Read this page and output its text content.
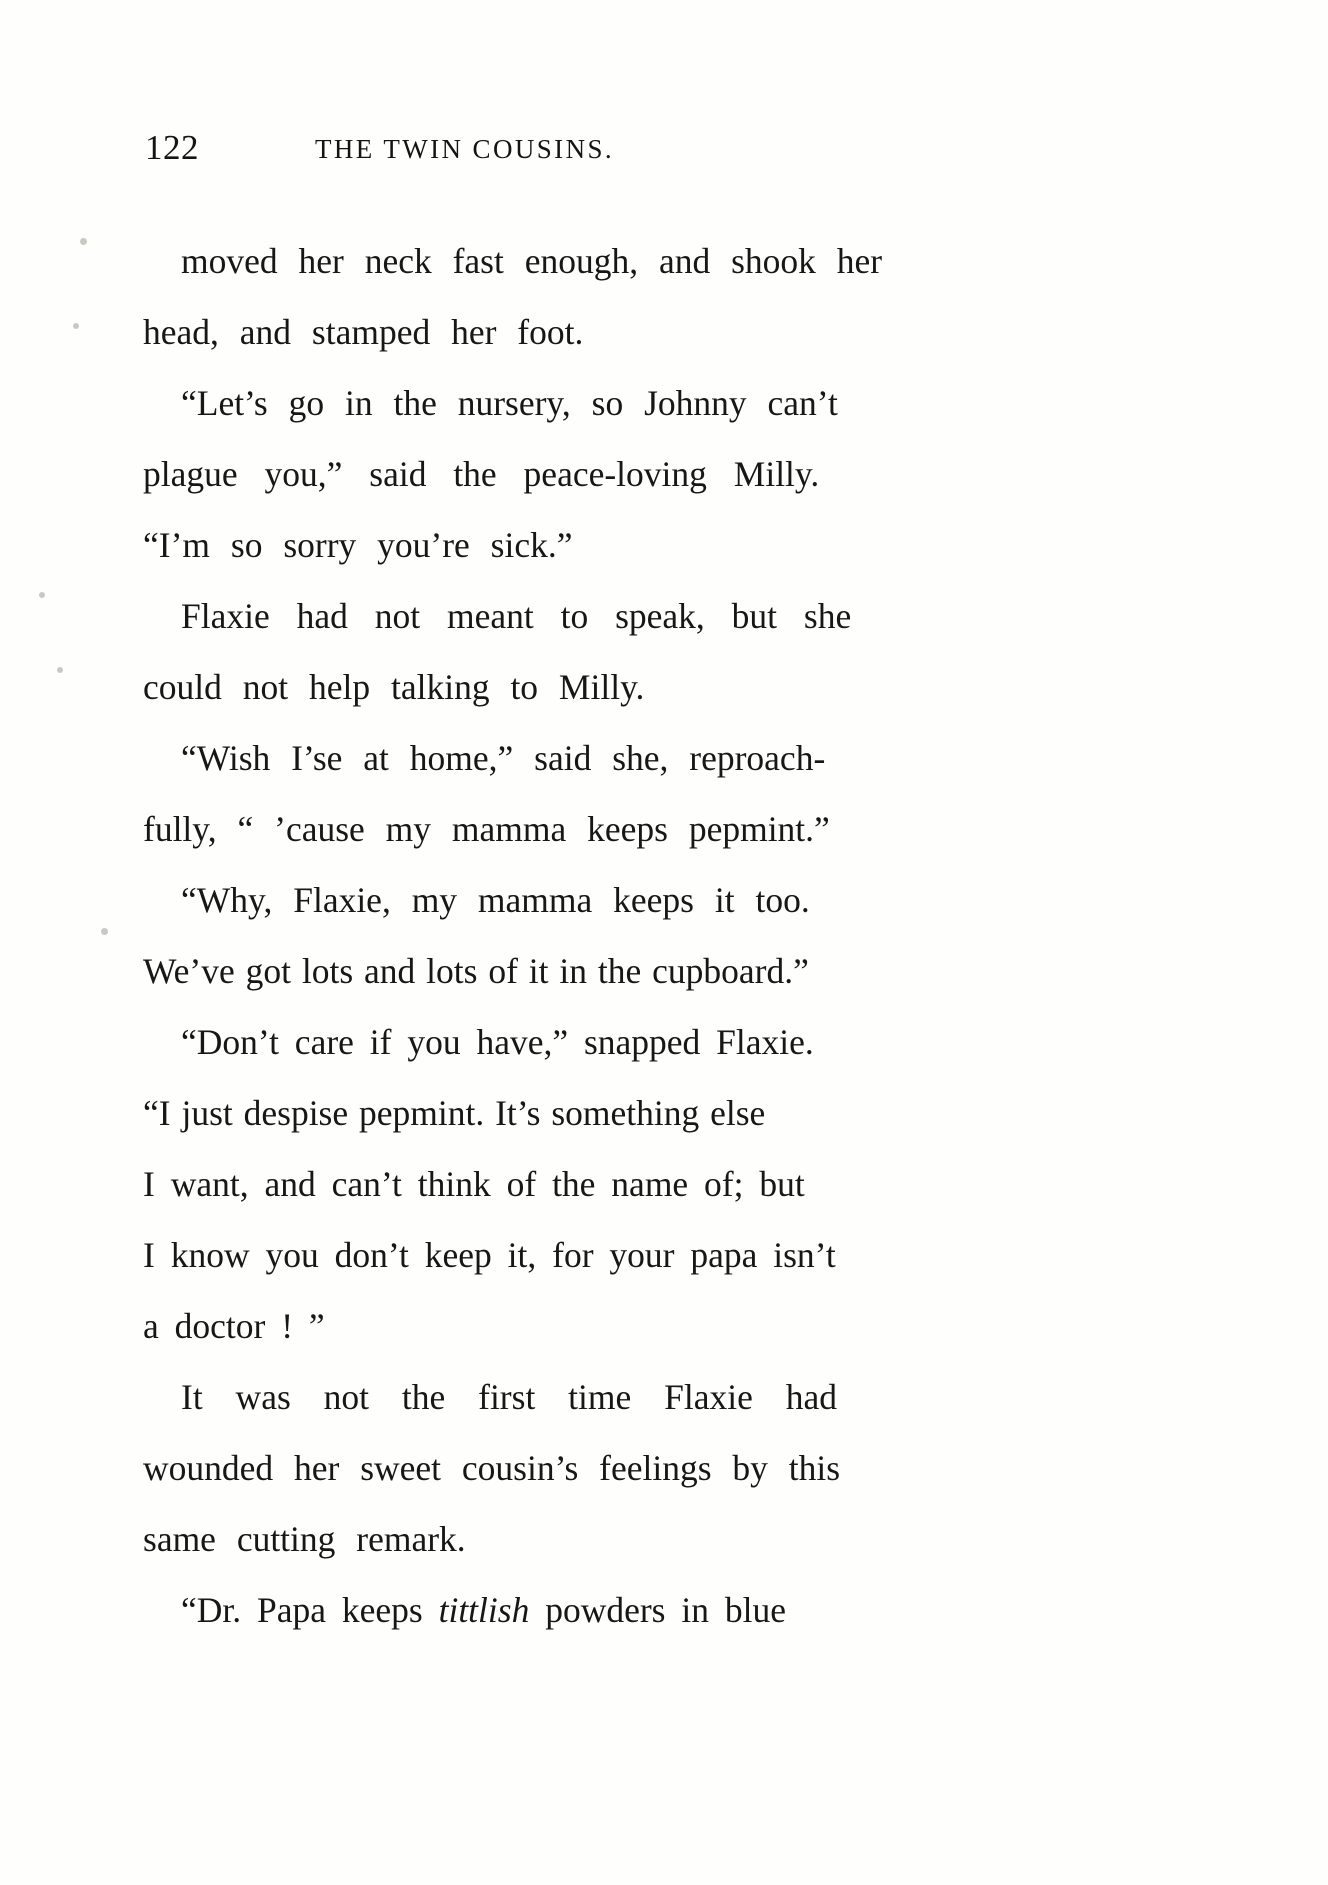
122	THE TWIN COUSINS.
moved her neck fast enough, and shook her
head, and stamped her foot.
“Let’s go in the nursery, so Johnny can’t
plague you,” said the peace-loving Milly.
“I’m so sorry you’re sick.”
Flaxie had not meant to speak, but she
could not help talking to Milly.
“Wish I’se at home,” said she, reproach-
fully, “ ’cause my mamma keeps pepmint.”
“Why, Flaxie, my mamma keeps it too.
We’ve got lots and lots of it in the cupboard.”
“Don’t care if you have,” snapped Flaxie.
“I just despise pepmint. It’s something else
I want, and can’t think of the name of; but
I know you don’t keep it, for your papa isn’t
a doctor ! ”
It was not the first time Flaxie had
wounded her sweet cousin’s feelings by this
same cutting remark.
“Dr. Papa keeps tittlish powders in blue
